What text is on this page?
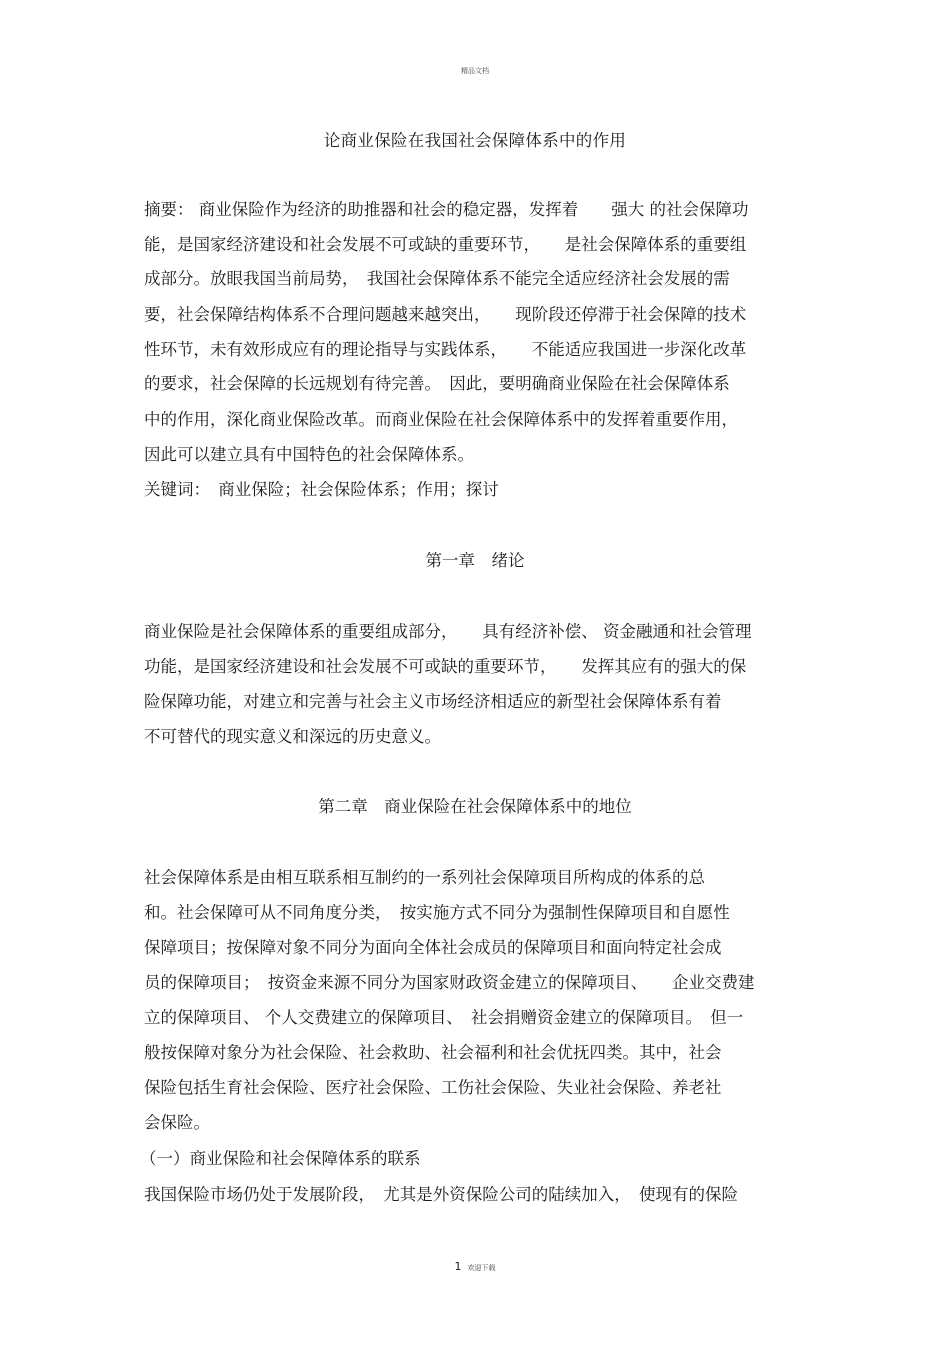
精品文档
论商业保险在我国社会保障体系中的作用
摘要： 商业保险作为经济的助推器和社会的稳定器，发挥着　　强大 的社会保障功
能，是国家经济建设和社会发展不可或缺的重要环节，　　是社会保障体系的重要组
成部分。放眼我国当前局势，　我国社会保障体系不能完全适应经济社会发展的需
要，社会保障结构体系不合理问题越来越突出，　　现阶段还停滞于社会保障的技术
性环节，未有效形成应有的理论指导与实践体系，　　不能适应我国进一步深化改革
的要求，社会保障的长远规划有待完善。　因此，要明确商业保险在社会保障体系
中的作用，深化商业保险改革。而商业保险在社会保障体系中的发挥着重要作用，
因此可以建立具有中国特色的社会保障体系。
关键词：　商业保险；社会保险体系；作用；探讨
第一章　绪论
商业保险是社会保障体系的重要组成部分，　　具有经济补偿、 资金融通和社会管理
功能，是国家经济建设和社会发展不可或缺的重要环节，　　发挥其应有的强大的保
险保障功能，对建立和完善与社会主义市场经济相适应的新型社会保障体系有着
不可替代的现实意义和深远的历史意义。
第二章　商业保险在社会保障体系中的地位
社会保障体系是由相互联系相互制约的一系列社会保障项目所构成的体系的总
和。社会保障可从不同角度分类，　按实施方式不同分为强制性保障项目和自愿性
保障项目；按保障对象不同分为面向全体社会成员的保障项目和面向特定社会成
员的保障项目；　按资金来源不同分为国家财政资金建立的保障项目、　　企业交费建
立的保障项目、 个人交费建立的保障项目、　社会捐赠资金建立的保障项目。　但一
般按保障对象分为社会保险、社会救助、社会福利和社会优抚四类。其中，社会
保险包括生育社会保险、医疗社会保险、工伤社会保险、失业社会保险、养老社
会保险。
（一）商业保险和社会保障体系的联系
我国保险市场仍处于发展阶段，　尤其是外资保险公司的陆续加入，　使现有的保险
1 欢迎下载
